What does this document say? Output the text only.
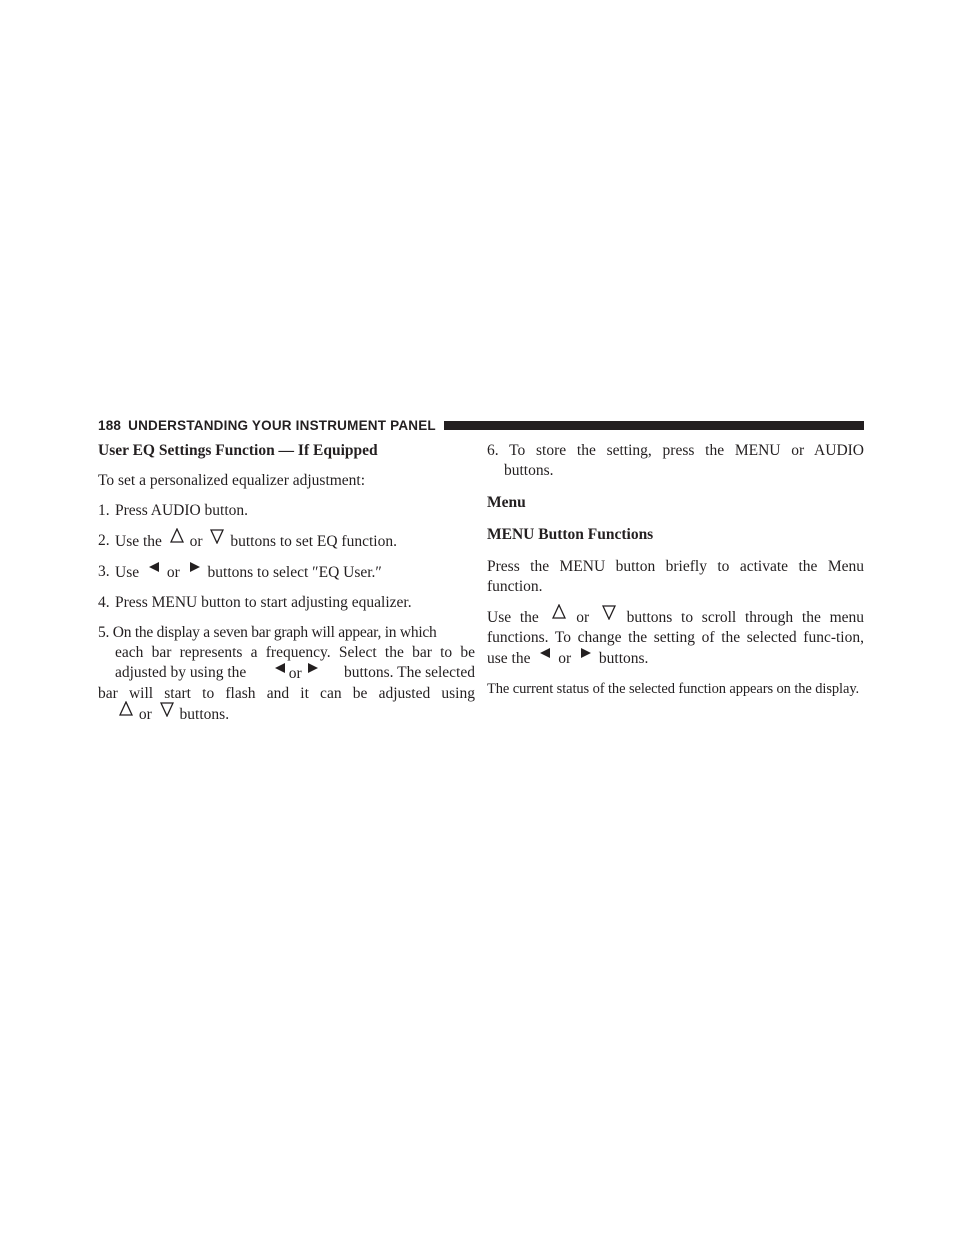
188 UNDERSTANDING YOUR INSTRUMENT PANEL

User EQ Settings Function — If Equipped

To set a personalized equalizer adjustment:

1. Press AUDIO button.

2. Use the or buttons to set EQ function.

3. Use or buttons to select ″EQ User.″

4. Press MENU button to start adjusting equalizer.

5. On the display a seven bar graph will appear, in which
each bar represents a frequency. Select the bar to be
adjusted by using the	or	buttons. The selected
bar will start to flash and it can be adjusted using
or buttons.
6. To store the setting, press the MENU or AUDIO
buttons.

Menu

MENU Button Functions

Press the MENU button briefly to activate the Menu function.

Use the or buttons to scroll through the menu functions. To change the setting of the selected func-tion, use the or buttons.

The current status of the selected function appears on the display.
